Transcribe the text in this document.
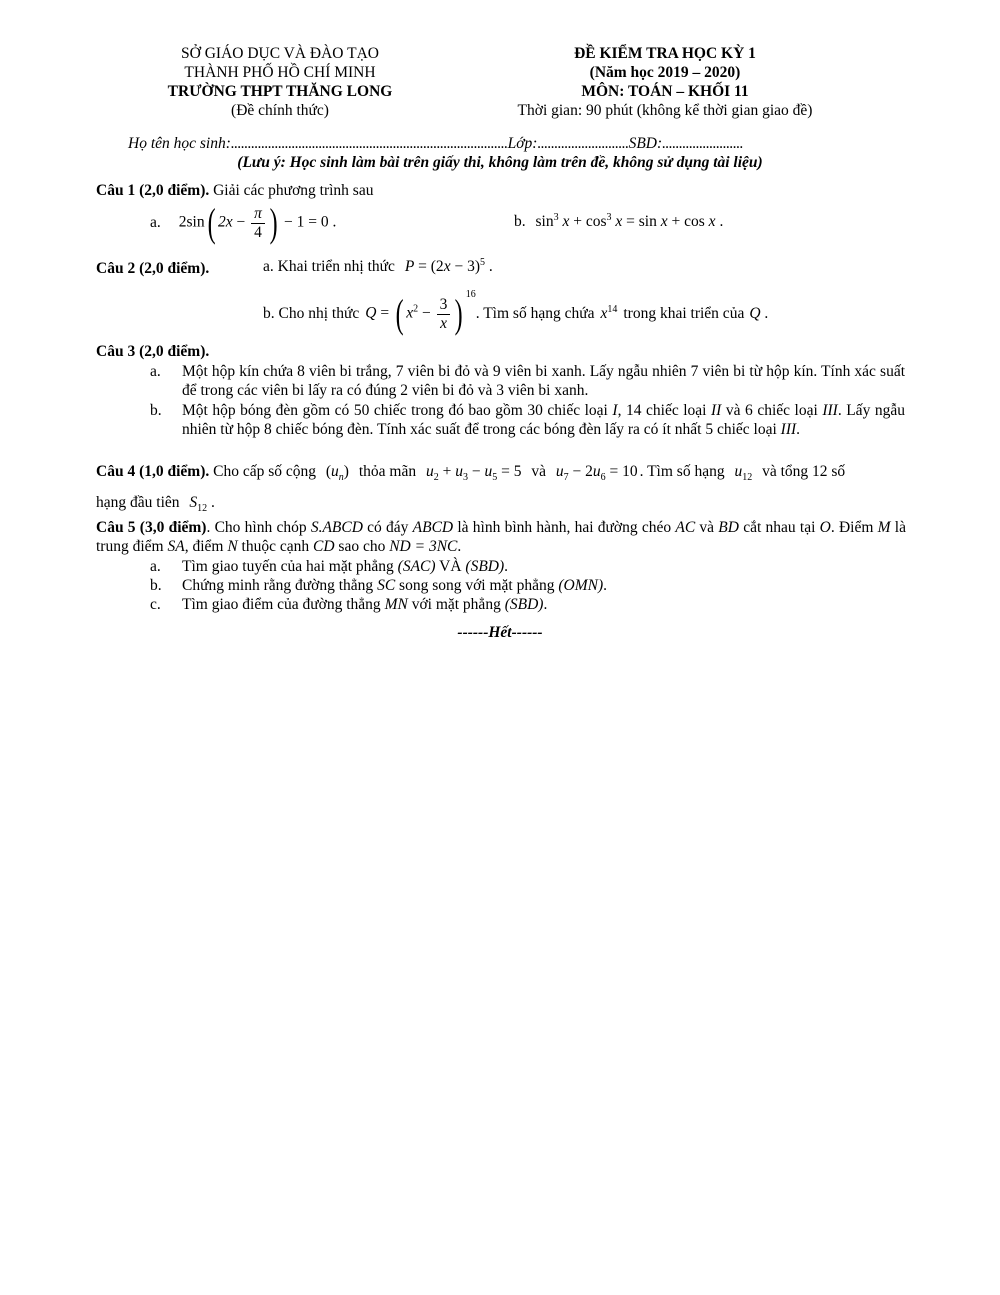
SỞ GIÁO DỤC VÀ ĐÀO TẠO
THÀNH PHỐ HỒ CHÍ MINH
TRƯỜNG THPT THĂNG LONG
(Đề chính thức)
ĐỀ KIỂM TRA HỌC KỲ 1
(Năm học 2019 – 2020)
MÔN: TOÁN – KHỐI 11
Thời gian: 90 phút (không kể thời gian giao đề)
Họ tên học sinh:..................................................................................Lớp:...........................SBD:........................
(Lưu ý: Học sinh làm bài trên giấy thi, không làm trên đề, không sử dụng tài liệu)
Câu 1 (2,0 điểm). Giải các phương trình sau
a. 2sin( $2x - \frac{\pi}{4}$ ) − 1 = 0 .	b. $\sin^3 x + \cos^3 x = \sin x + \cos x$ .
Câu 2 (2,0 điểm).	a. Khai triển nhị thức $P = (2x - 3)^5$ .
b. Cho nhị thức Q = ( $x^2 - \frac{3}{x}$ ) $^{16}$
. Tìm số hạng chứa $x^{14}$ trong khai triển của Q .
Câu 3 (2,0 điểm).
a. Một hộp kín chứa 8 viên bi trắng, 7 viên bi đỏ và 9 viên bi xanh. Lấy ngẫu nhiên 7 viên bi từ hộp kín. Tính xác suất để trong các viên bi lấy ra có đúng 2 viên bi đỏ và 3 viên bi xanh.
b. Một hộp bóng đèn gồm có 50 chiếc trong đó bao gồm 30 chiếc loại I, 14 chiếc loại II và 6 chiếc loại III. Lấy ngẫu nhiên từ hộp 8 chiếc bóng đèn. Tính xác suất để trong các bóng đèn lấy ra có ít nhất 5 chiếc loại III.
Câu 4 (1,0 điểm). Cho cấp số cộng $(u_n)$ thỏa mãn $u_2 + u_3 - u_5 = 5$ và $u_7 - 2u_6 = 10$ . Tìm số hạng $u_{12}$ và tổng 12 số
hạng đầu tiên $S_{12}$ .
Câu 5 (3,0 điểm). Cho hình chóp S.ABCD có đáy ABCD là hình bình hành, hai đường chéo AC và BD cắt nhau tại O. Điểm M là trung điểm SA, điểm N thuộc cạnh CD sao cho ND = 3NC.
a. Tìm giao tuyến của hai mặt phẳng (SAC) VÀ (SBD).
b. Chứng minh rằng đường thẳng SC song song với mặt phẳng (OMN).
c. Tìm giao điểm của đường thẳng MN với mặt phẳng (SBD).
------Hết------
